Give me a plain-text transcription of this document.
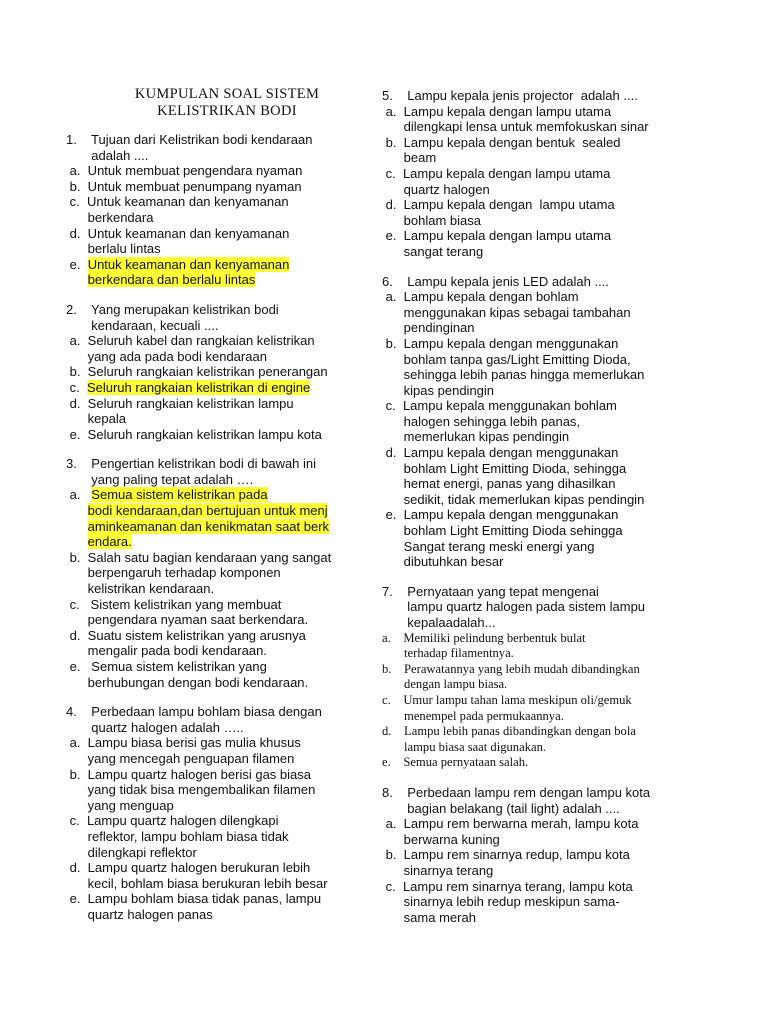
KUMPULAN SOAL SISTEM
KELISTRIKAN BODI
1.    Tujuan dari Kelistrikan bodi kendaraan
adalah ....
a.  Untuk membuat pengendara nyaman
b.  Untuk membuat penumpang nyaman
c.  Untuk keamanan dan kenyamanan
berkendara
d.  Untuk keamanan dan kenyamanan
berlalu lintas
e.  Untuk keamanan dan kenyamanan
berkendara dan berlalu lintas
2.    Yang merupakan kelistrikan bodi
kendaraan, kecuali ....
a.  Seluruh kabel dan rangkaian kelistrikan
yang ada pada bodi kendaraan
b.  Seluruh rangkaian kelistrikan penerangan
c.  Seluruh rangkaian kelistrikan di engine
d.  Seluruh rangkaian kelistrikan lampu
kepala
e.  Seluruh rangkaian kelistrikan lampu kota
3.    Pengertian kelistrikan bodi di bawah ini
yang paling tepat adalah ….
a.   Semua sistem kelistrikan pada
bodi kendaraan,dan bertujuan untuk menj
aminkeamanan dan kenikmatan saat berk
endara.
b.  Salah satu bagian kendaraan yang sangat
berpengaruh terhadap komponen
kelistrikan kendaraan.
c.   Sistem kelistrikan yang membuat
pengendara nyaman saat berkendara.
d.  Suatu sistem kelistrikan yang arusnya
mengalir pada bodi kendaraan.
e.   Semua sistem kelistrikan yang
berhubungan dengan bodi kendaraan.
4.    Perbedaan lampu bohlam biasa dengan
quartz halogen adalah …..
a.  Lampu biasa berisi gas mulia khusus
yang mencegah penguapan filamen
b.  Lampu quartz halogen berisi gas biasa
yang tidak bisa mengembalikan filamen
yang menguap
c.  Lampu quartz halogen dilengkapi
reflektor, lampu bohlam biasa tidak
dilengkapi reflektor
d.  Lampu quartz halogen berukuran lebih
kecil, bohlam biasa berukuran lebih besar
e.  Lampu bohlam biasa tidak panas, lampu
quartz halogen panas
5.    Lampu kepala jenis projector  adalah ....
a.  Lampu kepala dengan lampu utama
dilengkapi lensa untuk memfokuskan sinar
b.  Lampu kepala dengan bentuk  sealed
beam
c.  Lampu kepala dengan lampu utama
quartz halogen
d.  Lampu kepala dengan  lampu utama
bohlam biasa
e.  Lampu kepala dengan lampu utama
sangat terang
6.    Lampu kepala jenis LED adalah ....
a.  Lampu kepala dengan bohlam
menggunakan kipas sebagai tambahan
pendinginan
b.  Lampu kepala dengan menggunakan
bohlam tanpa gas/Light Emitting Dioda,
sehingga lebih panas hingga memerlukan
kipas pendingin
c.  Lampu kepala menggunakan bohlam
halogen sehingga lebih panas,
memerlukan kipas pendingin
d.  Lampu kepala dengan menggunakan
bohlam Light Emitting Dioda, sehingga
hemat energi, panas yang dihasilkan
sedikit, tidak memerlukan kipas pendingin
e.  Lampu kepala dengan menggunakan
bohlam Light Emitting Dioda sehingga
Sangat terang meski energi yang
dibutuhkan besar
7.    Pernyataan yang tepat mengenai
lampu quartz halogen pada sistem lampu
kepalaadalah...
a.    Memiliki pelindung berbentuk bulat
terhadap filamentnya.
b.    Perawatannya yang lebih mudah dibandingkan
dengan lampu biasa.
c.    Umur lampu tahan lama meskipun oli/gemuk
menempel pada permukaannya.
d.    Lampu lebih panas dibandingkan dengan bola
lampu biasa saat digunakan.
e.    Semua pernyataan salah.
8.    Perbedaan lampu rem dengan lampu kota
bagian belakang (tail light) adalah ....
a.  Lampu rem berwarna merah, lampu kota
berwarna kuning
b.  Lampu rem sinarnya redup, lampu kota
sinarnya terang
c.  Lampu rem sinarnya terang, lampu kota
sinarnya lebih redup meskipun sama-
sama merah
